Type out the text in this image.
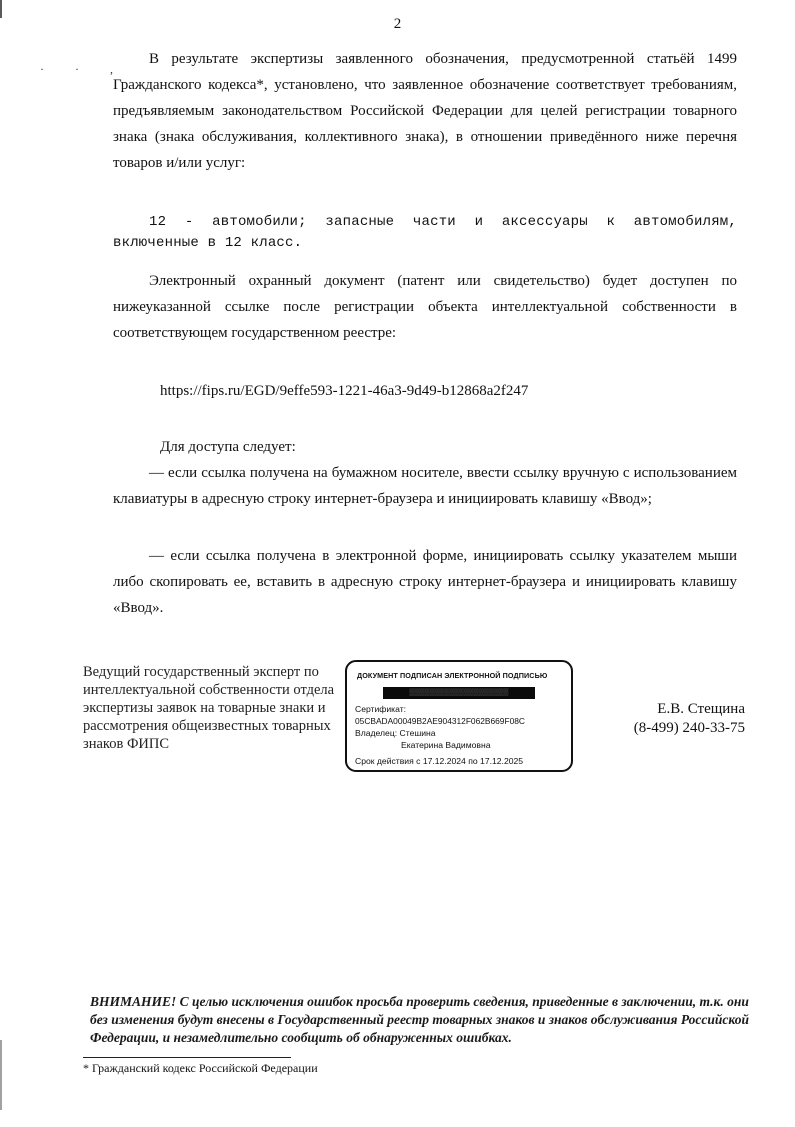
· · ,
2
В результате экспертизы заявленного обозначения, предусмотренной статьёй 1499 Гражданского кодекса*, установлено, что заявленное обозначение соответствует требованиям, предъявляемым законодательством Российской Федерации для целей регистрации товарного знака (знака обслуживания, коллективного знака), в отношении приведённого ниже перечня товаров и/или услуг:
12 - автомобили; запасные части и аксессуары к автомобилям, включенные в 12 класс.
Электронный охранный документ (патент или свидетельство) будет доступен по нижеуказанной ссылке после регистрации объекта интеллектуальной собственности в соответствующем государственном реестре:
https://fips.ru/EGD/9effe593-1221-46a3-9d49-b12868a2f247
Для доступа следует:
— если ссылка получена на бумажном носителе, ввести ссылку вручную с использованием клавиатуры в адресную строку интернет-браузера и инициировать клавишу «Ввод»;
— если ссылка получена в электронной форме, инициировать ссылку указателем мыши либо скопировать ее, вставить в адресную строку интернет-браузера и инициировать клавишу «Ввод».
Ведущий государственный эксперт по интеллектуальной собственности отдела экспертизы заявок на товарные знаки и рассмотрения общеизвестных товарных знаков ФИПС
ДОКУМЕНТ ПОДПИСАН ЭЛЕКТРОННОЙ ПОДПИСЬЮ
▒▒▒▒▒▒▒▒▒▒▒▒▒▒▒▒▒▒▒▒
Сертификат:
05CBADA00049B2AE904312F062B669F08C
Владелец: Стешина
Екатерина Вадимовна
Срок действия с 17.12.2024 по 17.12.2025
Е.В. Стещина
(8-499) 240-33-75
ВНИМАНИЕ! С целью исключения ошибок просьба проверить сведения, приведенные в заключении, т.к. они без изменения будут внесены в Государственный реестр товарных знаков и знаков обслуживания Российской Федерации, и незамедлительно сообщить об обнаруженных ошибках.
* Гражданский кодекс Российской Федерации
